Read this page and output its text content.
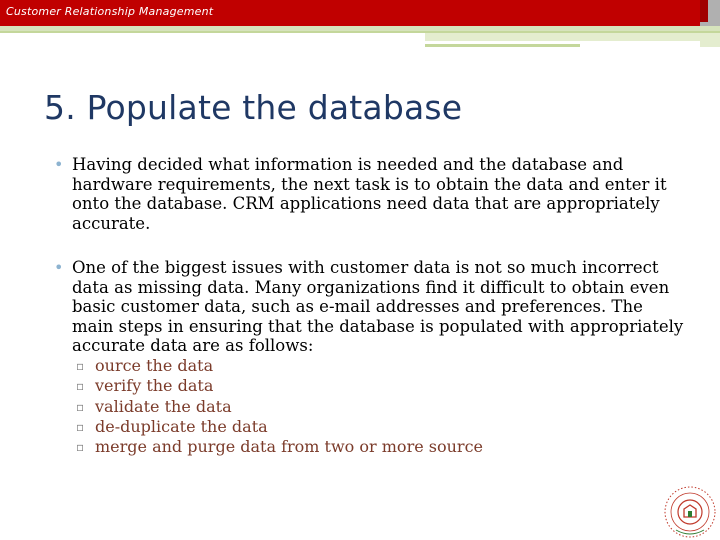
Customer Relationship Management
5. Populate the database
• Having decided what information is needed and the database and hardware requirements, the next task is to obtain the data and enter it onto the database. CRM applications need data that are appropriately accurate.
• One of the biggest issues with customer data is not so much incorrect data as missing data. Many organizations find it difficult to obtain even basic customer data, such as e-mail addresses and preferences. The main steps in ensuring that the database is populated with appropriately accurate data are as follows:
▫ ource the data
▫ verify the data
▫ validate the data
▫ de-duplicate the data
▫ merge and purge data from two or more source
